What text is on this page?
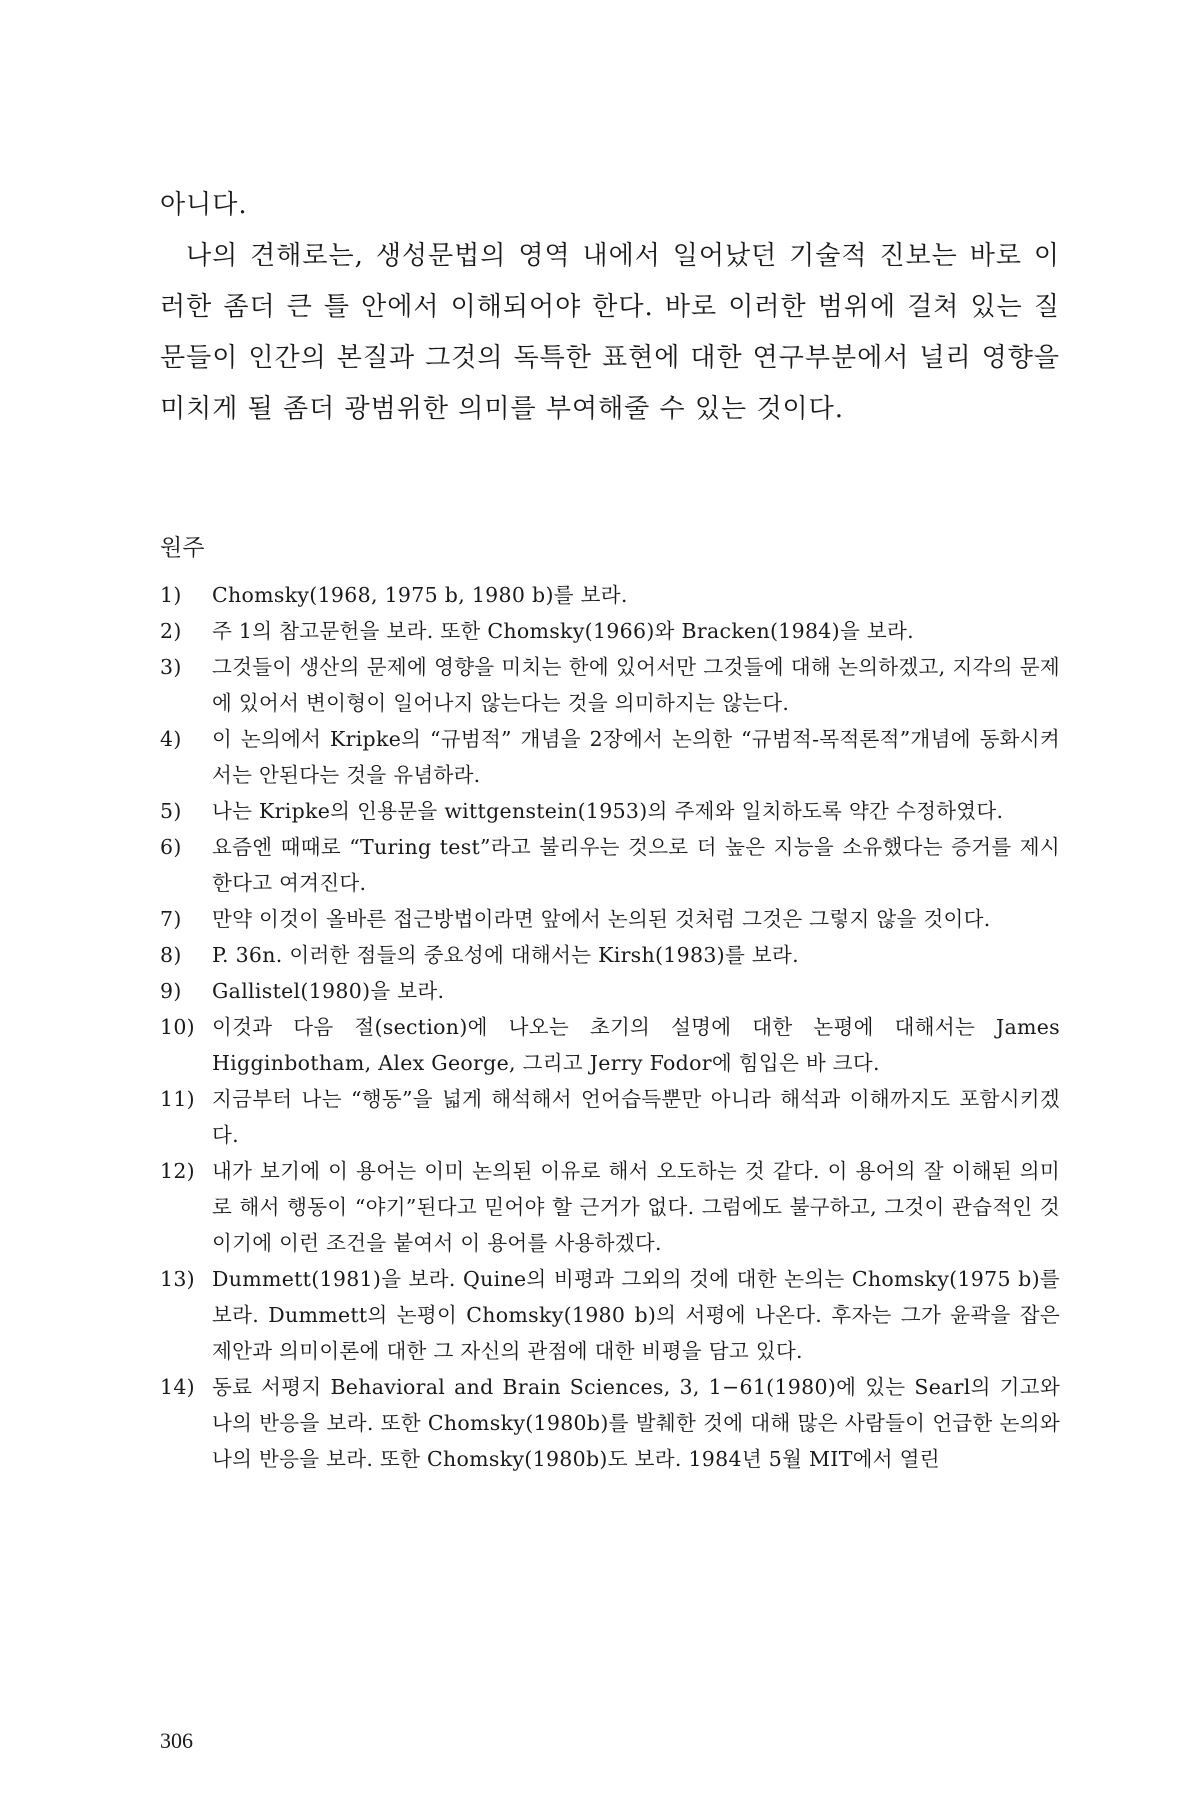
아니다.

나의 견해로는, 생성문법의 영역 내에서 일어났던 기술적 진보는 바로 이러한 좀더 큰 틀 안에서 이해되어야 한다. 바로 이러한 범위에 걸쳐 있는 질문들이 인간의 본질과 그것의 독특한 표현에 대한 연구부분에서 널리 영향을 미치게 될 좀더 광범위한 의미를 부여해줄 수 있는 것이다.

원주
1)	Chomsky(1968, 1975 b, 1980 b)를 보라.
2)	주 1의 참고문헌을 보라. 또한 Chomsky(1966)와 Bracken(1984)을 보라.
3)	그것들이 생산의 문제에 영향을 미치는 한에 있어서만 그것들에 대해 논의하겠고, 지각의 문제에 있어서 변이형이 일어나지 않는다는 것을 의미하지는 않는다.
4)	이 논의에서 Kripke의 “규범적” 개념을 2장에서 논의한 “규범적-목적론적”개념에 동화시켜서는 안된다는 것을 유념하라.
5)	나는 Kripke의 인용문을 wittgenstein(1953)의 주제와 일치하도록 약간 수정하였다.
6)	요즘엔 때때로 “Turing test”라고 불리우는 것으로 더 높은 지능을 소유했다는 증거를 제시한다고 여겨진다.
7)	만약 이것이 올바른 접근방법이라면 앞에서 논의된 것처럼 그것은 그렇지 않을 것이다.
8)	P. 36n. 이러한 점들의 중요성에 대해서는 Kirsh(1983)를 보라.
9)	Gallistel(1980)을 보라.
10) 이것과 다음 절(section)에 나오는 초기의 설명에 대한 논평에 대해서는 James Higginbotham, Alex George, 그리고 Jerry Fodor에 힘입은 바 크다.
11) 지금부터 나는 “행동”을 넓게 해석해서 언어습득뿐만 아니라 해석과 이해까지도 포함시키겠다.
12) 내가 보기에 이 용어는 이미 논의된 이유로 해서 오도하는 것 같다. 이 용어의 잘 이해된 의미로 해서 행동이 “야기”된다고 믿어야 할 근거가 없다. 그럼에도 불구하고, 그것이 관습적인 것이기에 이런 조건을 붙여서 이 용어를 사용하겠다.
13) Dummett(1981)을 보라. Quine의 비평과 그외의 것에 대한 논의는 Chomsky(1975 b)를 보라. Dummett의 논평이 Chomsky(1980 b)의 서평에 나온다. 후자는 그가 윤곽을 잡은 제안과 의미이론에 대한 그 자신의 관점에 대한 비평을 담고 있다.
14) 동료 서평지 Behavioral and Brain Sciences, 3, 1−61(1980)에 있는 Searl의 기고와 나의 반응을 보라. 또한 Chomsky(1980b)를 발췌한 것에 대해 많은 사람들이 언급한 논의와 나의 반응을 보라. 또한 Chomsky(1980b)도 보라. 1984년 5월 MIT에서 열린
306
